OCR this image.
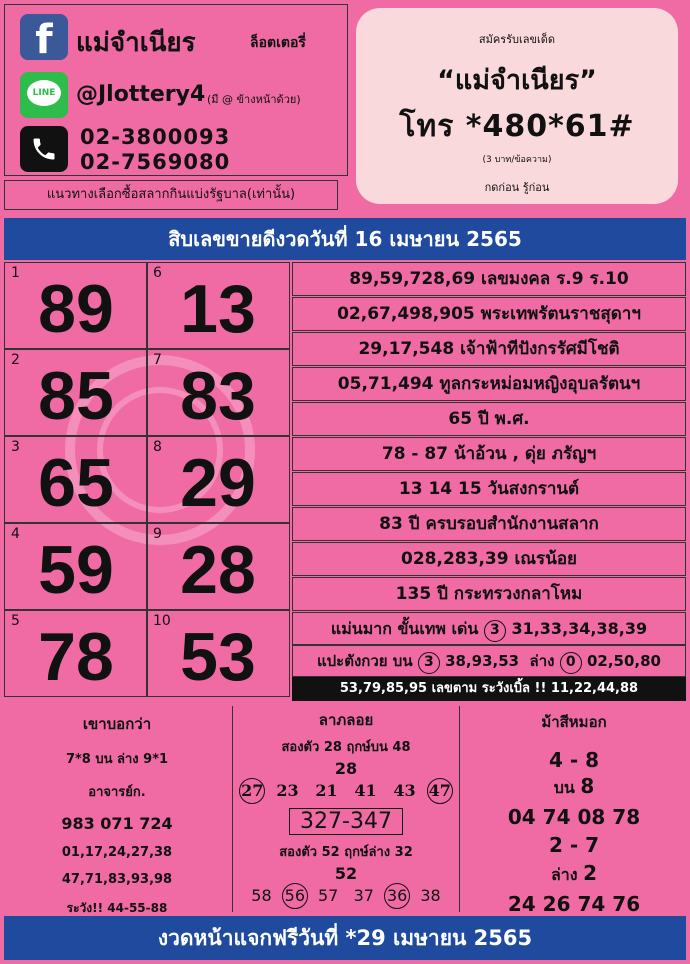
f
LINE
แม่จำเนียร	ล็อตเตอรี่
@Jlottery4 (มี @ ข้างหน้าด้วย)
02-3800093
02-7569080
แนวทางเลือกซื้อสลากกินแบ่งรัฐบาล(เท่านั้น)
สมัครรับเลขเด็ด
“แม่จำเนียร”
โทร *480*61#
(3 บาท/ข้อความ)
กดก่อน รู้ก่อน
สิบเลขขายดีงวดวันที่ 16 เมษายน 2565
1 89	6 13
2 85	7 83
3 65	8 29
4 59	9 28
5 78	10 53
89,59,728,69 เลขมงคล ร.9 ร.10
02,67,498,905 พระเทพรัตนราชสุดาฯ
29,17,548 เจ้าฟ้าทีปังกรรัศมีโชติ
05,71,494 ทูลกระหม่อมหญิงอุบลรัตนฯ
65 ปี พ.ศ.
78 - 87 น้าอ้วน , ดุ่ย ภรัญฯ
13 14 15 วันสงกรานต์
83 ปี ครบรอบสำนักงานสลาก
028,283,39 เณรน้อย
135 ปี กระทรวงกลาโหม
แม่นมาก ขั้นเทพ เด่น 3 31,33,34,38,39
แปะตังกวย บน 3 38,93,53 ล่าง 0 02,50,80
53,79,85,95 เลขตาม ระวังเบิ้ล !! 11,22,44,88
เขาบอกว่า
7*8 บน ล่าง 9*1
อาจารย์ก.
983 071 724
01,17,24,27,38
47,71,83,93,98
ระวัง!! 44-55-88
ลาภลอย
สองตัว 28 ฤกษ์บน 48
28
27 23 21 41 43 47
327-347
สองตัว 52 ฤกษ์ล่าง 32
52
58 56 57 37 36 38
ม้าสีหมอก
4 - 8
บน 8
04 74 08 78
2 - 7
ล่าง 2
24 26 74 76
งวดหน้าแจกฟรีวันที่ *29 เมษายน 2565
